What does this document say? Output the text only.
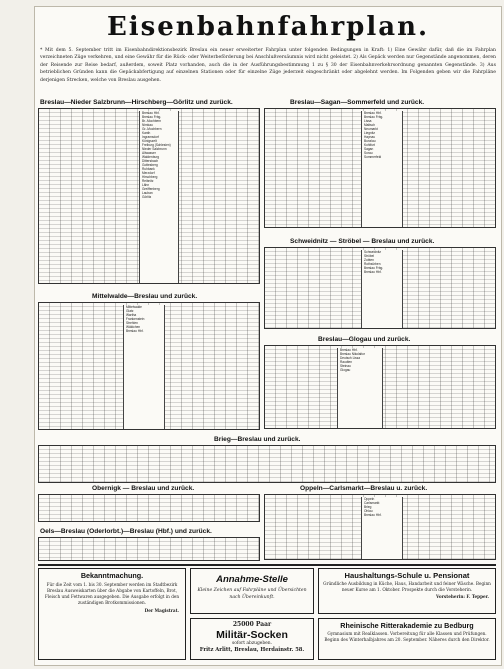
Eisenbahnfahrplan.
* Mit dem 5. September tritt im Eisenbahndirektionsbezirk Breslau ein neuer erweiterter Fahrplan unter folgenden Bedingungen in Kraft: 1) Eine Gewähr dafür, daß die im Fahrplan verzeichneten Züge verkehren, und eine Gewähr für die Rück- oder Weiterbeförderung bei Anschlußversäumnis wird nicht geleistet. 2) Als Gepäck werden nur Gegenstände angenommen, deren der Reisende zur Reise bedarf, außerdem, soweit Platz vorhanden, auch die in der Ausführungsbestimmung 1 zu § 30 der Eisenbahnverkehrsordnung genannten Gegenstände. 3) Aus betrieblichen Gründen kann die Gepäckabfertigung auf einzelnen Stationen oder für einzelne Züge jederzeit eingeschränkt oder abgelehnt werden. Im Folgenden geben wir die Fahrpläne derjenigen Strecken, welche von Breslau ausgehen.
Breslau—Nieder Salzbrunn—Hirschberg—Görlitz und zurück.
Breslau Hbf.
Breslau Frbg.
Br.-Mochbern
Nimkau
Gr.-Mochbern
Kanth
Ingramsdorf
Königszelt
Freiburg (Schlesien)
Nieder Salzbrunn
Altwasser
Waldenburg
Dittersbach
Gottesberg
Ruhbank
Merzdorf
Hirschberg
Reibnitz
Lähn
Greiffenberg
Lauban
Görlitz
Breslau—Sagan—Sommerfeld und zurück.
Breslau Hbf.
Breslau Frbg.
Lissa
Maltsch
Neumarkt
Liegnitz
Haynau
Bunzlau
Kohlfurt
Sagan
Sorau
Sommerfeld
Schweidnitz — Ströbel — Breslau und zurück.
Schweidnitz
Ströbel
Zobten
Rothsürben
Breslau Frbg.
Breslau Hbf.
Mittelwalde—Breslau und zurück.
Mittelwalde
Glatz
Wartha
Frankenstein
Strehlen
Wäldchen
Breslau Hbf.
Breslau—Glogau und zurück.
Breslau Hbf.
Breslau Nikolaitor
Deutsch Lissa
Raudten
Steinau
Glogau
Brieg—Breslau und zurück.
Obernigk — Breslau und zurück.	Oppeln—Carlsmarkt—Breslau u. zurück.
Oppeln
Carlsmarkt
Brieg
Ohlau
Breslau Hbf.
Oels—Breslau (Oderlorbt.)—Breslau (Hbf.) und zurück.
Bekanntmachung.
Für die Zeit vom 1. bis 30. September werden im Stadtbezirk Breslau Ausweiskarten über die Abgabe von Kartoffeln, Brot, Fleisch und Fettwaren ausgegeben. Die Ausgabe erfolgt in den zuständigen Brotkommissionen.
Der Magistrat.
Annahme-Stelle
Kleine Zeichen auf Fahrpläne und Übersichten nach Übereinkunft.
25000 Paar
Militär-Socken
sofort abzugeben.
Fritz Arlitt, Breslau, Herdainstr. 58.
Haushaltungs-Schule u. Pensionat
Gründliche Ausbildung in Küche, Haus, Handarbeit und feiner Wäsche. Beginn neuer Kurse am 1. Oktober. Prospekte durch die Vorsteherin.
Vorsteherin: F. Tepper.
Rheinische Ritterakademie zu Bedburg
Gymnasium mit Realklassen. Vorbereitung für alle Klassen und Prüfungen. Beginn des Winterhalbjahres am 20. September. Näheres durch den Direktor.
